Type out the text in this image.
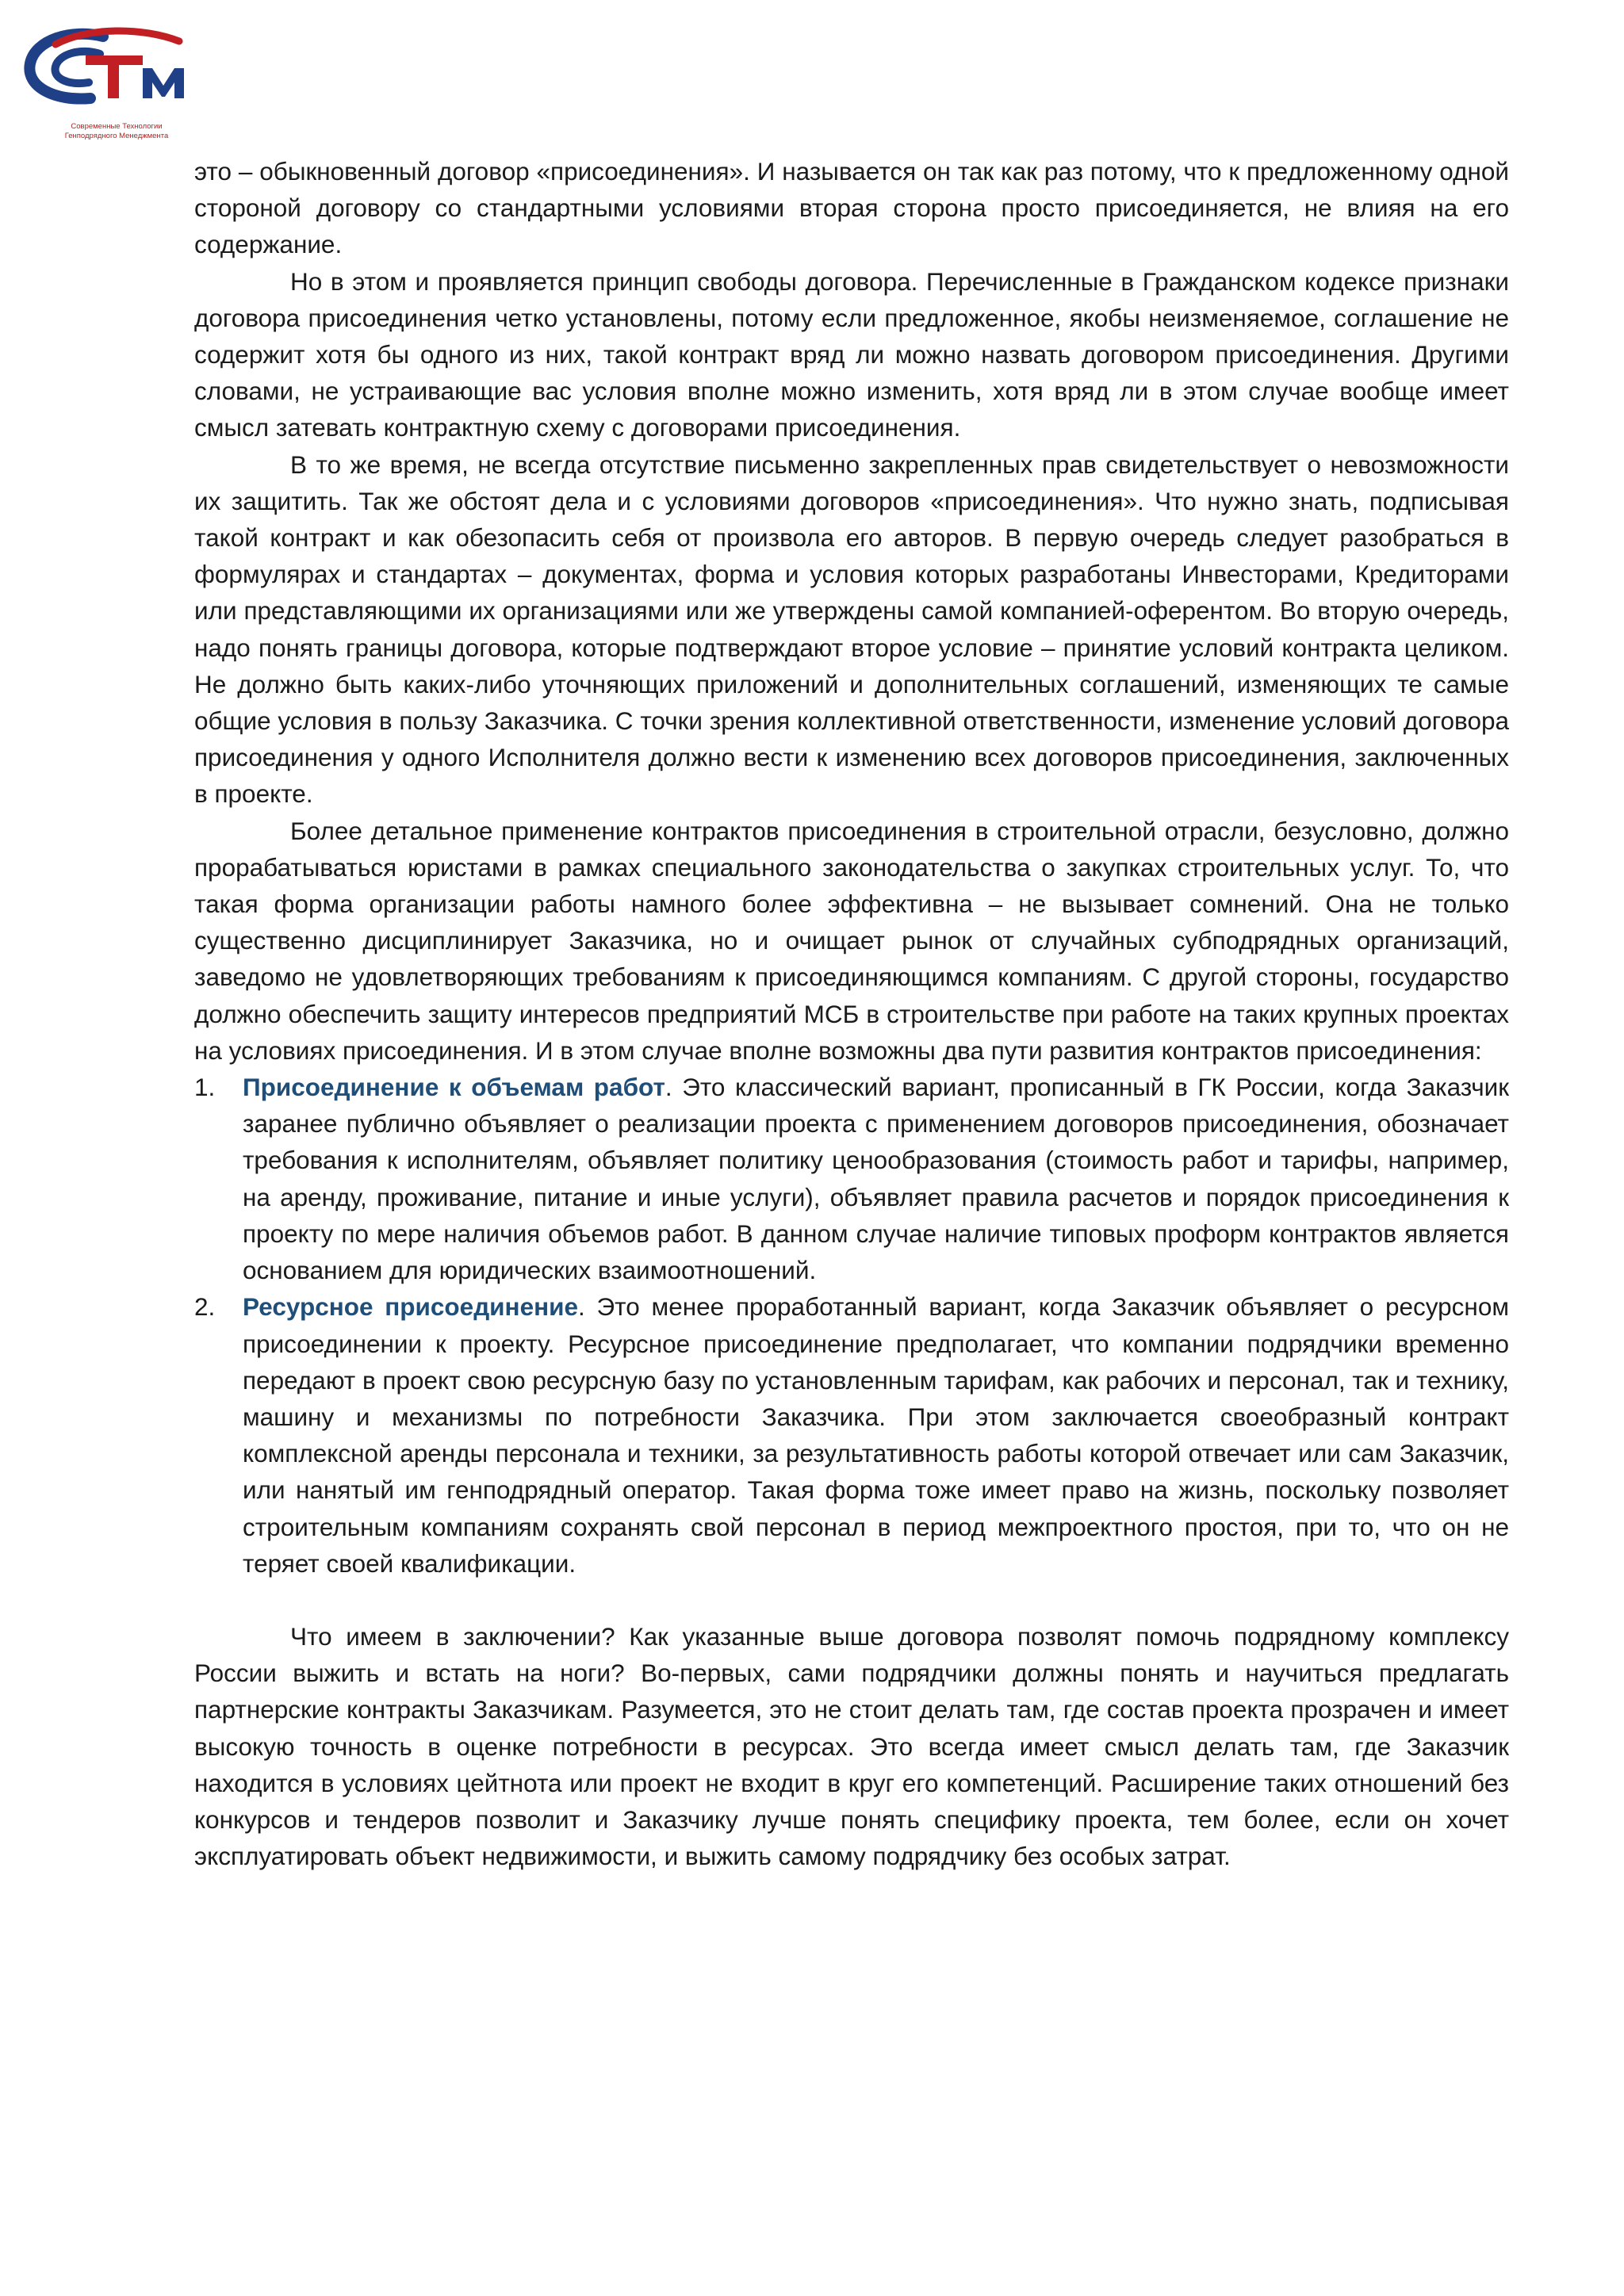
Современные Технологии
Генподрядного Менеджмента

это – обыкновенный договор «присоединения». И называется он так как раз потому, что к предложенному одной стороной договору со стандартными условиями вторая сторона просто присоединяется, не влияя на его содержание.

Но в этом и проявляется принцип свободы договора. Перечисленные в Гражданском кодексе признаки договора присоединения четко установлены, потому если предложенное, якобы неизменяемое, соглашение не содержит хотя бы одного из них, такой контракт вряд ли можно назвать договором присоединения. Другими словами, не устраивающие вас условия вполне можно изменить, хотя вряд ли в этом случае вообще имеет смысл затевать контрактную схему с договорами присоединения.

В то же время, не всегда отсутствие письменно закрепленных прав свидетельствует о невозможности их защитить. Так же обстоят дела и с условиями договоров «присоединения». Что нужно знать, подписывая такой контракт и как обезопасить себя от произвола его авторов. В первую очередь следует разобраться в формулярах и стандартах – документах, форма и условия которых разработаны Инвесторами, Кредиторами или представляющими их организациями или же утверждены самой компанией-оферентом. Во вторую очередь, надо понять границы договора, которые подтверждают второе условие – принятие условий контракта целиком. Не должно быть каких-либо уточняющих приложений и дополнительных соглашений, изменяющих те самые общие условия в пользу Заказчика. С точки зрения коллективной ответственности, изменение условий договора присоединения у одного Исполнителя должно вести к изменению всех договоров присоединения, заключенных в проекте.

Более детальное применение контрактов присоединения в строительной отрасли, безусловно, должно прорабатываться юристами в рамках специального законодательства о закупках строительных услуг. То, что такая форма организации работы намного более эффективна – не вызывает сомнений. Она не только существенно дисциплинирует Заказчика, но и очищает рынок от случайных субподрядных организаций, заведомо не удовлетворяющих требованиям к присоединяющимся компаниям. С другой стороны, государство должно обеспечить защиту интересов предприятий МСБ в строительстве при работе на таких крупных проектах на условиях присоединения. И в этом случае вполне возможны два пути развития контрактов присоединения:

1. Присоединение к объемам работ. Это классический вариант, прописанный в ГК России, когда Заказчик заранее публично объявляет о реализации проекта с применением договоров присоединения, обозначает требования к исполнителям, объявляет политику ценообразования (стоимость работ и тарифы, например, на аренду, проживание, питание и иные услуги), объявляет правила расчетов и порядок присоединения к проекту по мере наличия объемов работ. В данном случае наличие типовых проформ контрактов является основанием для юридических взаимоотношений.
2. Ресурсное присоединение. Это менее проработанный вариант, когда Заказчик объявляет о ресурсном присоединении к проекту. Ресурсное присоединение предполагает, что компании подрядчики временно передают в проект свою ресурсную базу по установленным тарифам, как рабочих и персонал, так и технику, машину и механизмы по потребности Заказчика. При этом заключается своеобразный контракт комплексной аренды персонала и техники, за результативность работы которой отвечает или сам Заказчик, или нанятый им генподрядный оператор. Такая форма тоже имеет право на жизнь, поскольку позволяет строительным компаниям сохранять свой персонал в период межпроектного простоя, при то, что он не теряет своей квалификации.

Что имеем в заключении? Как указанные выше договора позволят помочь подрядному комплексу России выжить и встать на ноги? Во-первых, сами подрядчики должны понять и научиться предлагать партнерские контракты Заказчикам. Разумеется, это не стоит делать там, где состав проекта прозрачен и имеет высокую точность в оценке потребности в ресурсах. Это всегда имеет смысл делать там, где Заказчик находится в условиях цейтнота или проект не входит в круг его компетенций. Расширение таких отношений без конкурсов и тендеров позволит и Заказчику лучше понять специфику проекта, тем более, если он хочет эксплуатировать объект недвижимости, и выжить самому подрядчику без особых затрат.
